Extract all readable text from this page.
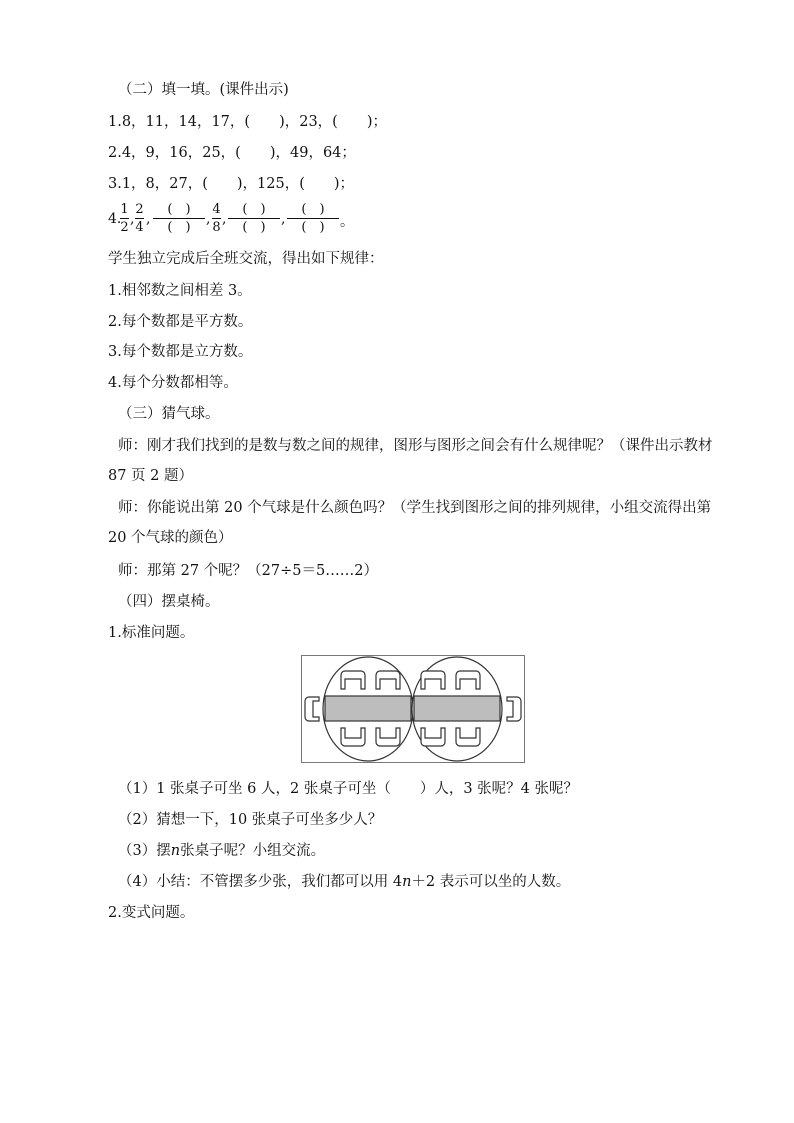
（二）填一填。(课件出示)
1.8，11，14，17，(　　)，23，(　　)；
2.4，9，16，25，(　　)，49，64；
3.1，8，27，(　　)，125，(　　)；
4.
1
2
,
2
4
,
(　)
(　)
,
4
8
,
(　)
(　)
,
(　)
(　)	。
学生独立完成后全班交流，得出如下规律：
1.相邻数之间相差 3。
2.每个数都是平方数。
3.每个数都是立方数。
4.每个分数都相等。
（三）猜气球。
师：刚才我们找到的是数与数之间的规律，图形与图形之间会有什么规律呢？（课件出示教材 87 页 2 题）
师：你能说出第 20 个气球是什么颜色吗？（学生找到图形之间的排列规律，小组交流得出第 20 个气球的颜色）
师：那第 27 个呢？（27÷5＝5……2）
（四）摆桌椅。
1.标准问题。
（1）1 张桌子可坐 6 人，2 张桌子可坐（　　）人，3 张呢？4 张呢？
（2）猜想一下，10 张桌子可坐多少人？
（3）摆n张桌子呢？小组交流。
（4）小结：不管摆多少张，我们都可以用 4n＋2 表示可以坐的人数。
2.变式问题。
